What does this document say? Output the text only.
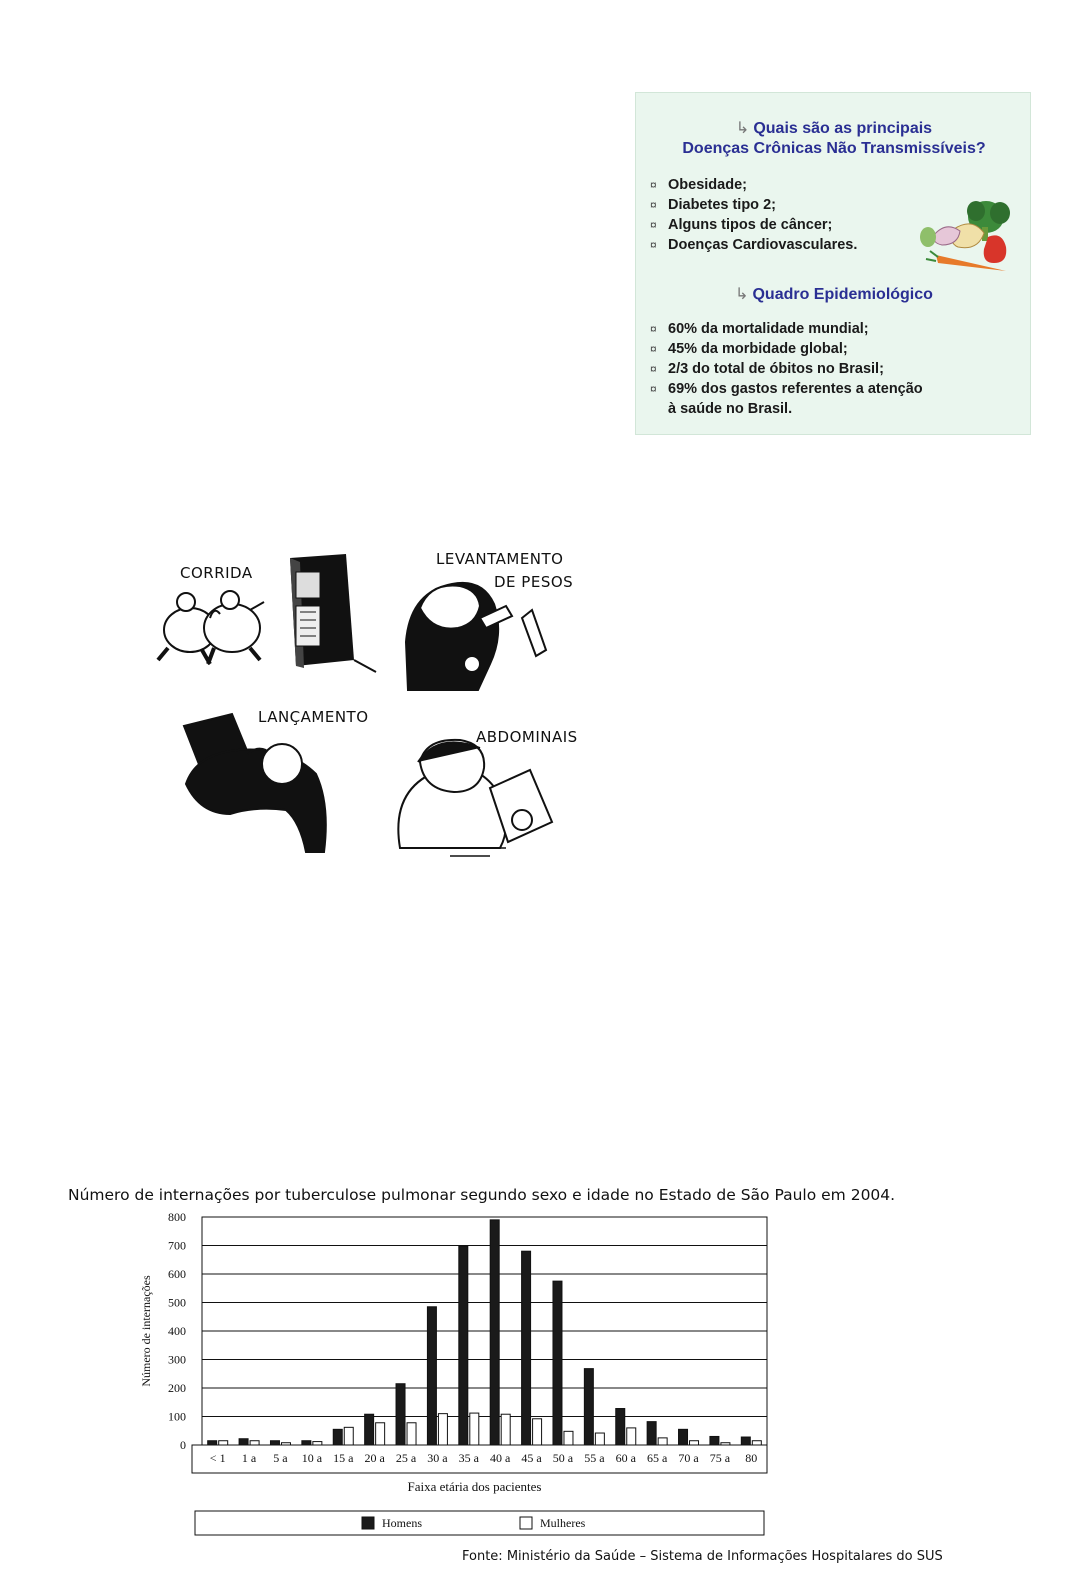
↳ Quais são as principais
Doenças Crônicas Não Transmissíveis?
¤ Obesidade;
¤ Diabetes tipo 2;
¤ Alguns tipos de câncer;
¤ Doenças Cardiovasculares.
↳ Quadro Epidemiológico
¤ 60% da mortalidade mundial;
¤ 45% da morbidade global;
¤ 2/3 do total de óbitos no Brasil;
¤ 69% dos gastos referentes a atenção
à saúde no Brasil.
CORRIDA
LEVANTAMENTO
DE PESOS
LANÇAMENTO
ABDOMINAIS
Número de internações por tuberculose pulmonar segundo sexo e idade no Estado de São Paulo em 2004.
0
100
200
300
400
500
600
700
800
< 1 1 a 5 a 10 a 15 a 20 a 25 a 30 a 35 a 40 a 45 a 50 a 55 a 60 a 65 a 70 a 75 a 80
Faixa etária dos pacientes
Número de internações
Homens	Mulheres
Fonte: Ministério da Saúde – Sistema de Informações Hospitalares do SUS
